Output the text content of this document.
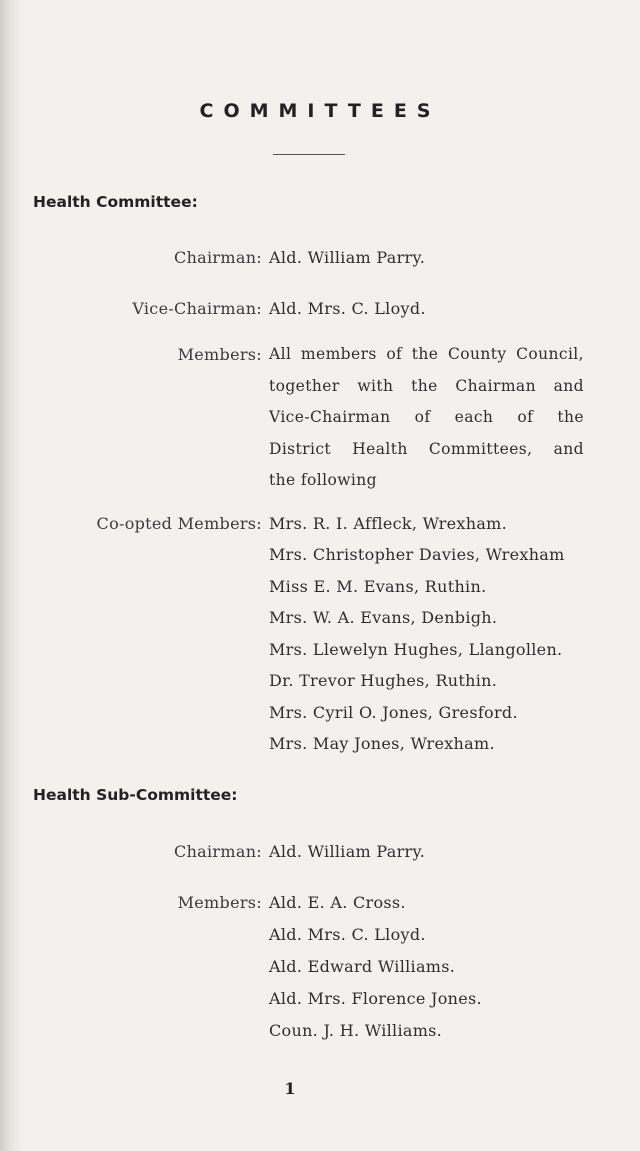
COMMITTEES
Health Committee:
Chairman: Ald. William Parry.
Vice-Chairman: Ald. Mrs. C. Lloyd.
Members: All members of the County Council,
together with the Chairman and
Vice-Chairman of each of the
District Health Committees, and
the following
Co-opted Members: Mrs. R. I. Affleck, Wrexham.
Mrs. Christopher Davies, Wrexham
Miss E. M. Evans, Ruthin.
Mrs. W. A. Evans, Denbigh.
Mrs. Llewelyn Hughes, Llangollen.
Dr. Trevor Hughes, Ruthin.
Mrs. Cyril O. Jones, Gresford.
Mrs. May Jones, Wrexham.
Health Sub-Committee:
Chairman: Ald. William Parry.
Members: Ald. E. A. Cross.
Ald. Mrs. C. Lloyd.
Ald. Edward Williams.
Ald. Mrs. Florence Jones.
Coun. J. H. Williams.
1
